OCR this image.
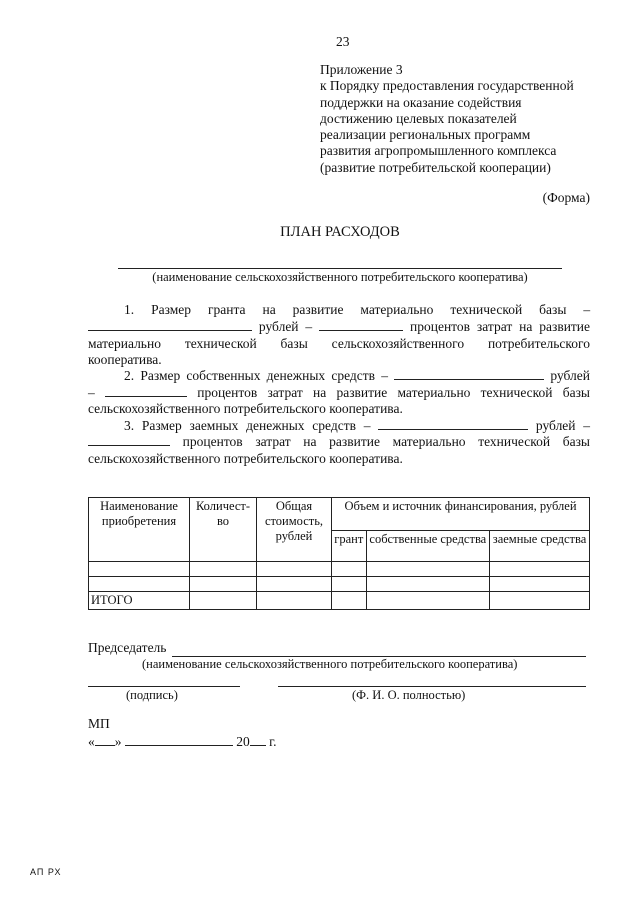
23
Приложение 3
к Порядку предоставления государственной
поддержки на оказание содействия
достижению целевых показателей
реализации региональных программ
развития агропромышленного комплекса
(развитие потребительской кооперации)
(Форма)
ПЛАН РАСХОДОВ
(наименование сельскохозяйственного потребительского кооператива)
1. Размер гранта на развитие материально технической базы –
рублей –	процентов затрат на развитие
материально технической базы сельскохозяйственного потребительского
кооператива.
2. Размер собственных денежных средств –	рублей
–	процентов затрат на развитие материально технической базы
сельскохозяйственного потребительского кооператива.
3. Размер заемных денежных средств –	рублей –
процентов затрат на развитие материально технической базы
сельскохозяйственного потребительского кооператива.
Наименование приобретения	Количест-во	Общая стоимость, рублей	Объем и источник финансирования, рублей		
			грант	собственные средства	заемные средства

ИТОГО					
Председатель
(наименование сельскохозяйственного потребительского кооператива)
(подпись)	(Ф. И. О. полностью)
МП
« »	20 г.
АП РХ
